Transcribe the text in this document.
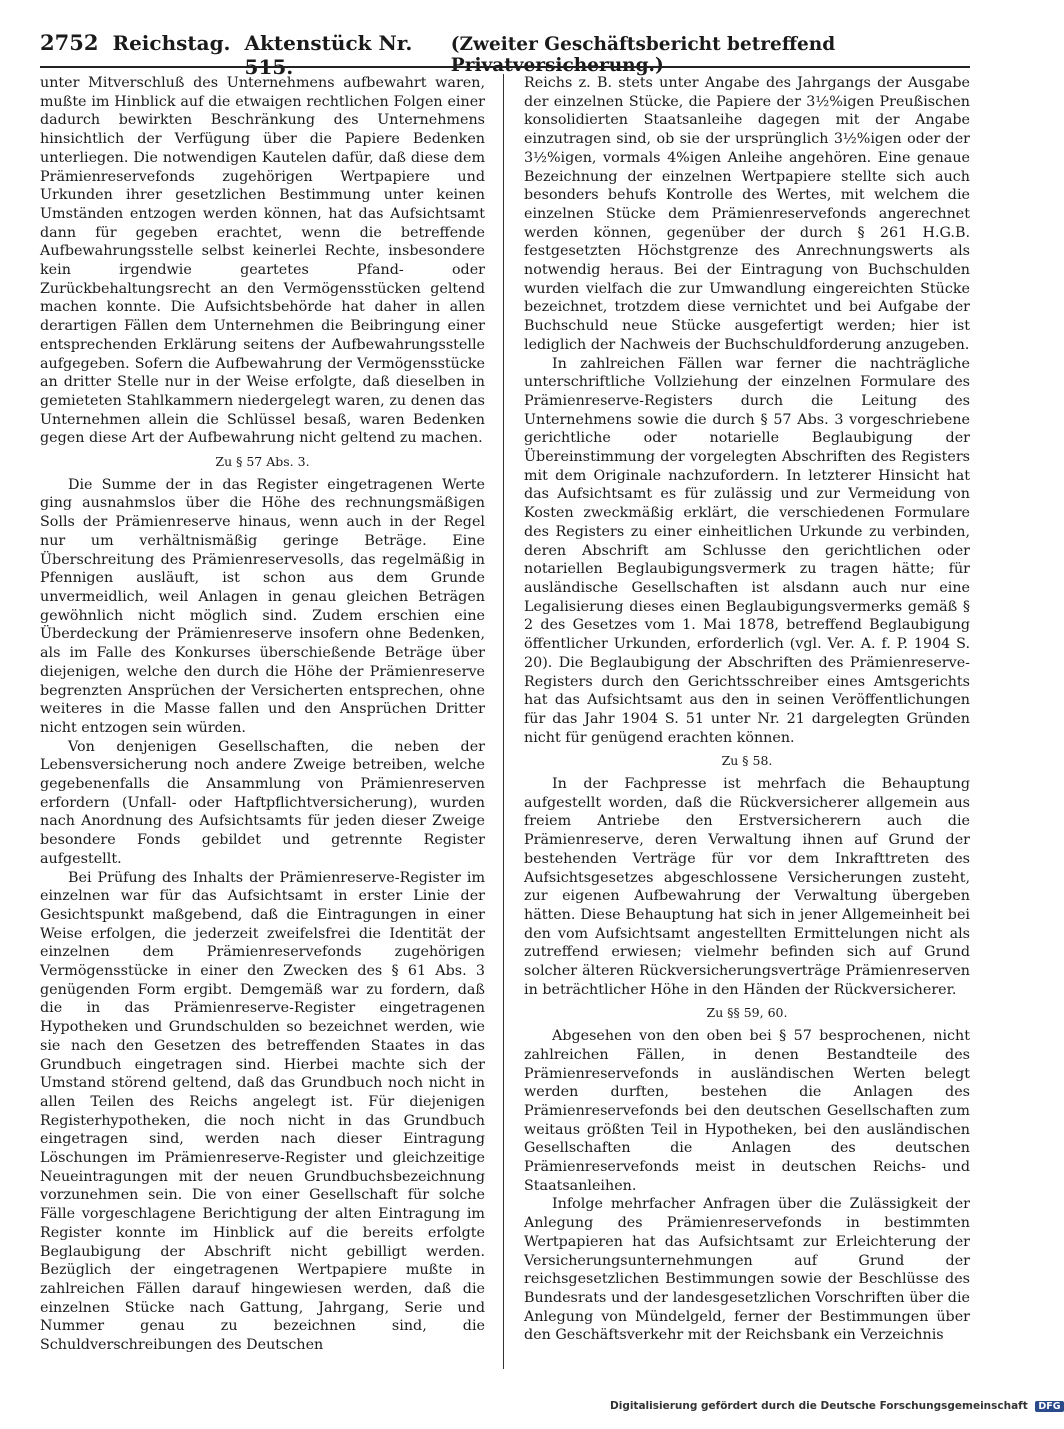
2752 Reichstag. Aktenstück Nr. 515.
(Zweiter Geschäftsbericht betreffend Privatversicherung.)

unter Mitverschluß des Unternehmens aufbewahrt waren, mußte im Hinblick auf die etwaigen rechtlichen Folgen einer dadurch bewirkten Beschränkung des Unternehmens hinsichtlich der Verfügung über die Papiere Bedenken unterliegen. Die notwendigen Kautelen dafür, daß diese dem Prämienreservefonds zugehörigen Wertpapiere und Urkunden ihrer gesetzlichen Bestimmung unter keinen Umständen entzogen werden können, hat das Aufsichtsamt dann für gegeben erachtet, wenn die betreffende Aufbewahrungsstelle selbst keinerlei Rechte, insbesondere kein irgendwie geartetes Pfand- oder Zurückbehaltungsrecht an den Vermögensstücken geltend machen konnte. Die Aufsichtsbehörde hat daher in allen derartigen Fällen dem Unternehmen die Beibringung einer entsprechenden Erklärung seitens der Aufbewahrungsstelle aufgegeben. Sofern die Aufbewahrung der Vermögensstücke an dritter Stelle nur in der Weise erfolgte, daß dieselben in gemieteten Stahlkammern niedergelegt waren, zu denen das Unternehmen allein die Schlüssel besaß, waren Bedenken gegen diese Art der Aufbewahrung nicht geltend zu machen.

Zu § 57 Abs. 3.

Die Summe der in das Register eingetragenen Werte ging ausnahmslos über die Höhe des rechnungsmäßigen Solls der Prämienreserve hinaus, wenn auch in der Regel nur um verhältnismäßig geringe Beträge. Eine Überschreitung des Prämienreservesolls, das regelmäßig in Pfennigen ausläuft, ist schon aus dem Grunde unvermeidlich, weil Anlagen in genau gleichen Beträgen gewöhnlich nicht möglich sind. Zudem erschien eine Überdeckung der Prämienreserve insofern ohne Bedenken, als im Falle des Konkurses überschießende Beträge über diejenigen, welche den durch die Höhe der Prämienreserve begrenzten Ansprüchen der Versicherten entsprechen, ohne weiteres in die Masse fallen und den Ansprüchen Dritter nicht entzogen sein würden.

Von denjenigen Gesellschaften, die neben der Lebensversicherung noch andere Zweige betreiben, welche gegebenenfalls die Ansammlung von Prämienreserven erfordern (Unfall- oder Haftpflichtversicherung), wurden nach Anordnung des Aufsichtsamts für jeden dieser Zweige besondere Fonds gebildet und getrennte Register aufgestellt.

Bei Prüfung des Inhalts der Prämienreserve-Register im einzelnen war für das Aufsichtsamt in erster Linie der Gesichtspunkt maßgebend, daß die Eintragungen in einer Weise erfolgen, die jederzeit zweifelsfrei die Identität der einzelnen dem Prämienreservefonds zugehörigen Vermögensstücke in einer den Zwecken des § 61 Abs. 3 genügenden Form ergibt. Demgemäß war zu fordern, daß die in das Prämienreserve-Register eingetragenen Hypotheken und Grundschulden so bezeichnet werden, wie sie nach den Gesetzen des betreffenden Staates in das Grundbuch eingetragen sind. Hierbei machte sich der Umstand störend geltend, daß das Grundbuch noch nicht in allen Teilen des Reichs angelegt ist. Für diejenigen Registerhypotheken, die noch nicht in das Grundbuch eingetragen sind, werden nach dieser Eintragung Löschungen im Prämienreserve-Register und gleichzeitige Neueintragungen mit der neuen Grundbuchsbezeichnung vorzunehmen sein. Die von einer Gesellschaft für solche Fälle vorgeschlagene Berichtigung der alten Eintragung im Register konnte im Hinblick auf die bereits erfolgte Beglaubigung der Abschrift nicht gebilligt werden. Bezüglich der eingetragenen Wertpapiere mußte in zahlreichen Fällen darauf hingewiesen werden, daß die einzelnen Stücke nach Gattung, Jahrgang, Serie und Nummer genau zu bezeichnen sind, die Schuldverschreibungen des Deutschen

Reichs z. B. stets unter Angabe des Jahrgangs der Ausgabe der einzelnen Stücke, die Papiere der 3½%igen Preußischen konsolidierten Staatsanleihe dagegen mit der Angabe einzutragen sind, ob sie der ursprünglich 3½%igen oder der 3½%igen, vormals 4%igen Anleihe angehören. Eine genaue Bezeichnung der einzelnen Wertpapiere stellte sich auch besonders behufs Kontrolle des Wertes, mit welchem die einzelnen Stücke dem Prämienreservefonds angerechnet werden können, gegenüber der durch § 261 H.G.B. festgesetzten Höchstgrenze des Anrechnungswerts als notwendig heraus. Bei der Eintragung von Buchschulden wurden vielfach die zur Umwandlung eingereichten Stücke bezeichnet, trotzdem diese vernichtet und bei Aufgabe der Buchschuld neue Stücke ausgefertigt werden; hier ist lediglich der Nachweis der Buchschuldforderung anzugeben.

In zahlreichen Fällen war ferner die nachträgliche unterschriftliche Vollziehung der einzelnen Formulare des Prämienreserve-Registers durch die Leitung des Unternehmens sowie die durch § 57 Abs. 3 vorgeschriebene gerichtliche oder notarielle Beglaubigung der Übereinstimmung der vorgelegten Abschriften des Registers mit dem Originale nachzufordern. In letzterer Hinsicht hat das Aufsichtsamt es für zulässig und zur Vermeidung von Kosten zweckmäßig erklärt, die verschiedenen Formulare des Registers zu einer einheitlichen Urkunde zu verbinden, deren Abschrift am Schlusse den gerichtlichen oder notariellen Beglaubigungsvermerk zu tragen hätte; für ausländische Gesellschaften ist alsdann auch nur eine Legalisierung dieses einen Beglaubigungsvermerks gemäß § 2 des Gesetzes vom 1. Mai 1878, betreffend Beglaubigung öffentlicher Urkunden, erforderlich (vgl. Ver. A. f. P. 1904 S. 20). Die Beglaubigung der Abschriften des Prämienreserve-Registers durch den Gerichtsschreiber eines Amtsgerichts hat das Aufsichtsamt aus den in seinen Veröffentlichungen für das Jahr 1904 S. 51 unter Nr. 21 dargelegten Gründen nicht für genügend erachten können.

Zu § 58.

In der Fachpresse ist mehrfach die Behauptung aufgestellt worden, daß die Rückversicherer allgemein aus freiem Antriebe den Erstversicherern auch die Prämienreserve, deren Verwaltung ihnen auf Grund der bestehenden Verträge für vor dem Inkrafttreten des Aufsichtsgesetzes abgeschlossene Versicherungen zusteht, zur eigenen Aufbewahrung der Verwaltung übergeben hätten. Diese Behauptung hat sich in jener Allgemeinheit bei den vom Aufsichtsamt angestellten Ermittelungen nicht als zutreffend erwiesen; vielmehr befinden sich auf Grund solcher älteren Rückversicherungsverträge Prämienreserven in beträchtlicher Höhe in den Händen der Rückversicherer.

Zu §§ 59, 60.

Abgesehen von den oben bei § 57 besprochenen, nicht zahlreichen Fällen, in denen Bestandteile des Prämienreservefonds in ausländischen Werten belegt werden durften, bestehen die Anlagen des Prämienreservefonds bei den deutschen Gesellschaften zum weitaus größten Teil in Hypotheken, bei den ausländischen Gesellschaften die Anlagen des deutschen Prämienreservefonds meist in deutschen Reichs- und Staatsanleihen.

Infolge mehrfacher Anfragen über die Zulässigkeit der Anlegung des Prämienreservefonds in bestimmten Wertpapieren hat das Aufsichtsamt zur Erleichterung der Versicherungsunternehmungen auf Grund der reichsgesetzlichen Bestimmungen sowie der Beschlüsse des Bundesrats und der landesgesetzlichen Vorschriften über die Anlegung von Mündelgeld, ferner der Bestimmungen über den Geschäftsverkehr mit der Reichsbank ein Verzeichnis

Digitalisierung gefördert durch die Deutsche Forschungsgemeinschaft DFG
